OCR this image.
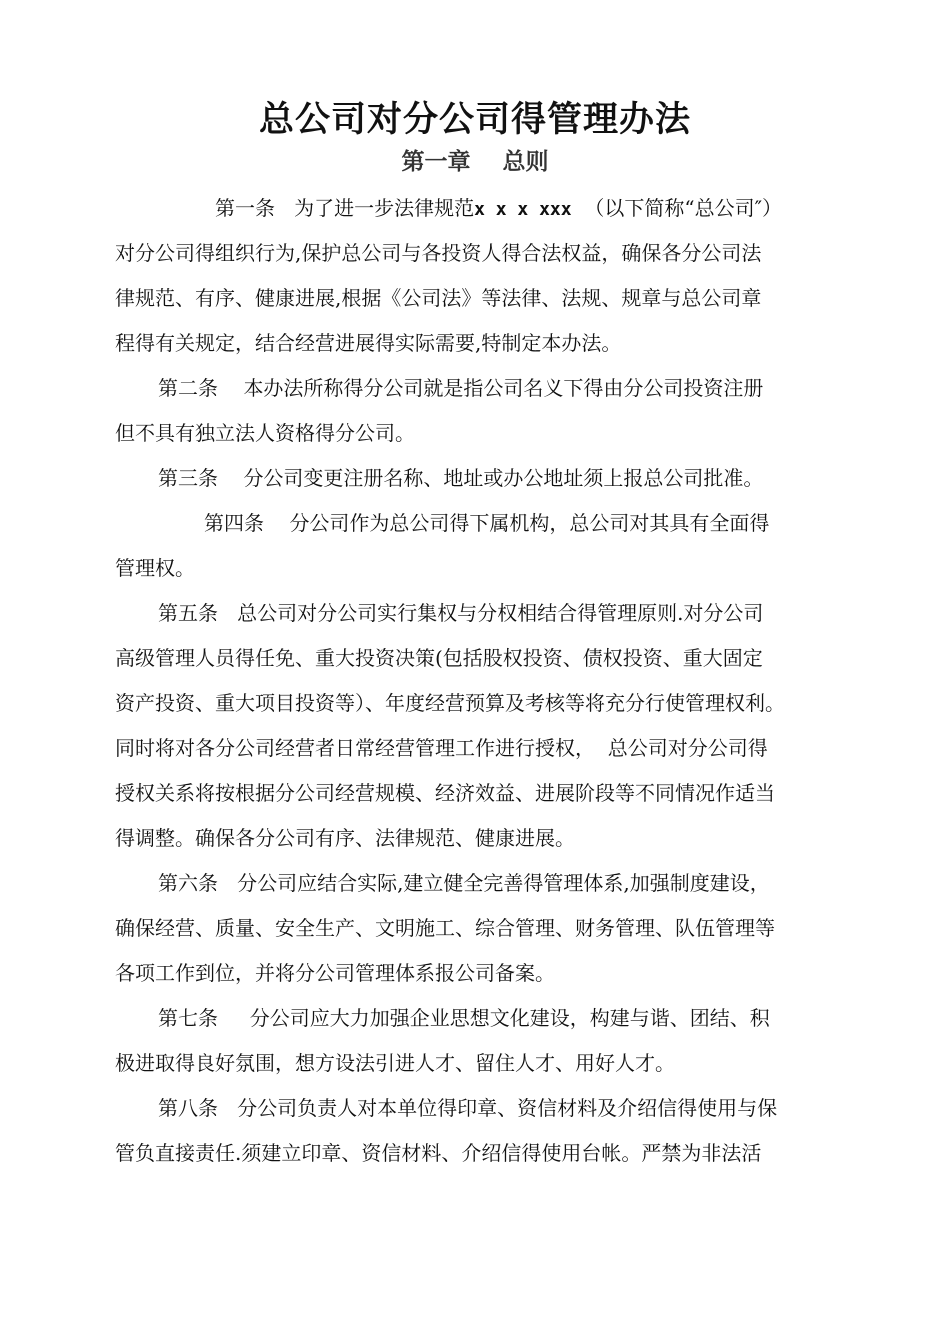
总公司对分公司得管理办法
第一章    总则
第一条 为了进一步法律规范x x x xxx （以下简称“总公司″）
对分公司得组织行为,保护总公司与各投资人得合法权益，确保各分公司法
律规范、有序、健康进展,根据《公司法》等法律、法规、规章与总公司章
程得有关规定，结合经营进展得实际需要,特制定本办法。
第二条 本办法所称得分公司就是指公司名义下得由分公司投资注册
但不具有独立法人资格得分公司。
第三条 分公司变更注册名称、地址或办公地址须上报总公司批准。
第四条 分公司作为总公司得下属机构，总公司对其具有全面得
管理权。
第五条 总公司对分公司实行集权与分权相结合得管理原则.对分公司
高级管理人员得任免、重大投资决策(包括股权投资、债权投资、重大固定
资产投资、重大项目投资等）、年度经营预算及考核等将充分行使管理权利。
同时将对各分公司经营者日常经营管理工作进行授权，  总公司对分公司得
授权关系将按根据分公司经营规模、经济效益、进展阶段等不同情况作适当
得调整。确保各分公司有序、法律规范、健康进展。
第六条 分公司应结合实际,建立健全完善得管理体系,加强制度建设，
确保经营、质量、安全生产、文明施工、综合管理、财务管理、队伍管理等
各项工作到位，并将分公司管理体系报公司备案。
第七条 分公司应大力加强企业思想文化建设，构建与谐、团结、积
极进取得良好氛围，想方设法引进人才、留住人才、用好人才。
第八条 分公司负责人对本单位得印章、资信材料及介绍信得使用与保
管负直接责任.须建立印章、资信材料、介绍信得使用台帐。严禁为非法活
